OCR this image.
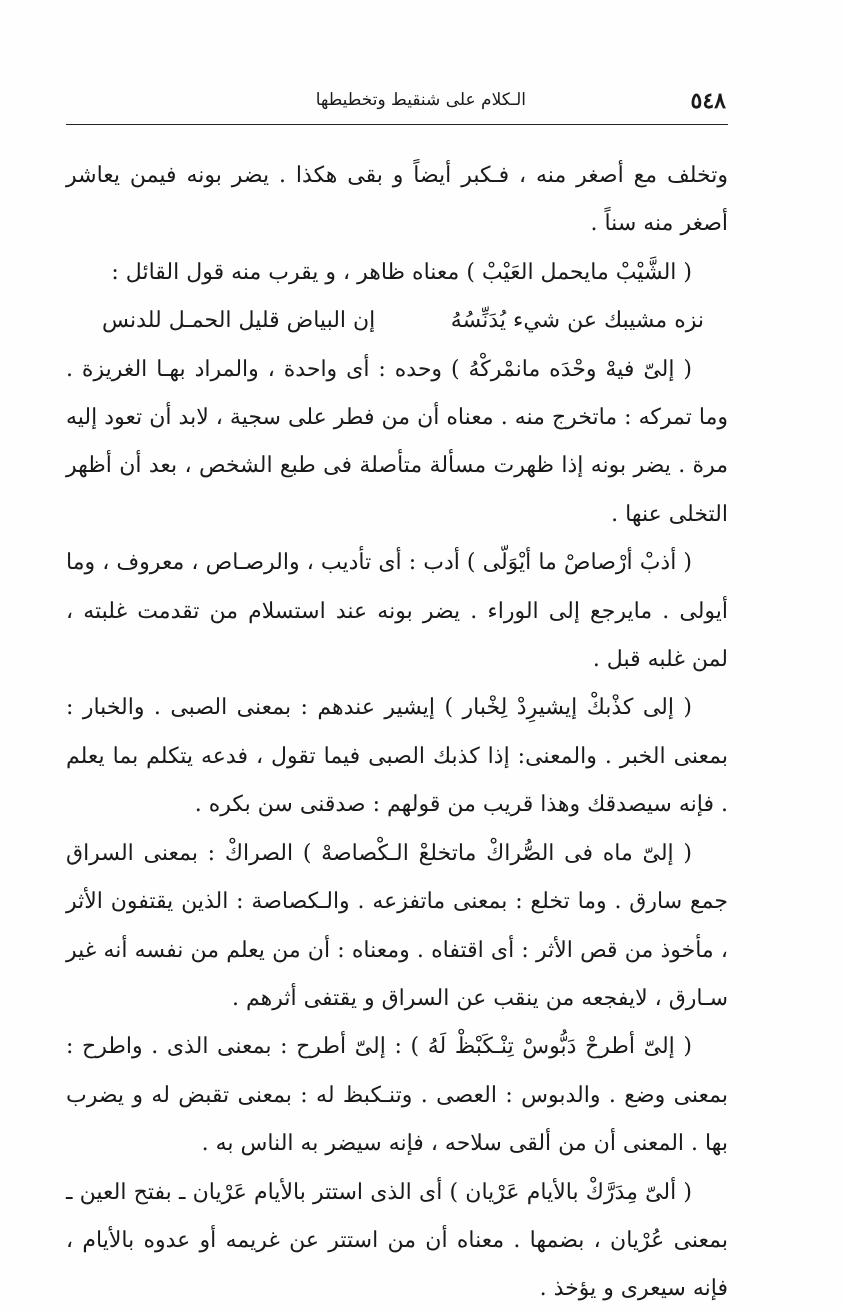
٥٤٨
الـكلام على شنقيط وتخطيطها

وتخلف مع أصغر منه ، فـكبر أيضاً و بقى هكذا . يضر بونه فيمن يعاشر أصغر منه سناً .

( الشَّيْبْ مايحمل العَيْبْ ) معناه ظاهر ، و يقرب منه قول القائل :

نزه مشيبك عن شيء يُدَنِّسُهُ
إن البياض قليل الحمـل للدنس

( إلىّ فيهْ وحْدَه مانمْركْهُ ) وحده : أى واحدة ، والمراد بهـا الغريزة . وما تمركه : ماتخرج منه . معناه أن من فطر على سجية ، لابد أن تعود إليه مرة . يضر بونه إذا ظهرت مسألة متأصلة فى طبع الشخص ، بعد أن أظهر التخلى عنها .

( أذبْ أرْصاصْ ما أيْوَلّى ) أدب : أى تأديب ، والرصـاص ، معروف ، وما أيولى . مايرجع إلى الوراء . يضر بونه عند استسلام من تقدمت غلبته ، لمن غلبه قبل .

( إلى كذْبكْ إيشيرِدْ لِخْبار ) إيشير عندهم : بمعنى الصبى . والخبار : بمعنى الخبر . والمعنى: إذا كذبك الصبى فيما تقول ، فدعه يتكلم بما يعلم . فإنه سيصدقك وهذا قريب من قولهم : صدقنى سن بكره .

( إلىّ ماه فى الصُّراكْ ماتخلعْ الـكْصاصهْ ) الصراكْ : بمعنى السراق جمع سارق . وما تخلع : بمعنى ماتفزعه . والـكصاصة : الذين يقتفون الأثر ، مأخوذ من قص الأثر : أى اقتفاه . ومعناه : أن من يعلم من نفسه أنه غير سـارق ، لايفجعه من ينقب عن السراق و يقتفى أثرهم .

( إلىّ أطرحْ دَبُّوسْ تِنْـكَبْظْ لَهُ ) : إلىّ أطرح : بمعنى الذى . واطرح : بمعنى وضع . والدبوس : العصى . وتنـكبظ له : بمعنى تقبض له و يضرب بها . المعنى أن من ألقى سلاحه ، فإنه سيضر به الناس به .

( ألىّ مِدَرَّكْ بالأيام عَرْيان ) أى الذى استتر بالأيام عَرْيان ـ بفتح العين ـ بمعنى عُرْيان ، بضمها . معناه أن من استتر عن غريمه أو عدوه بالأيام ، فإنه سيعرى و يؤخذ .
